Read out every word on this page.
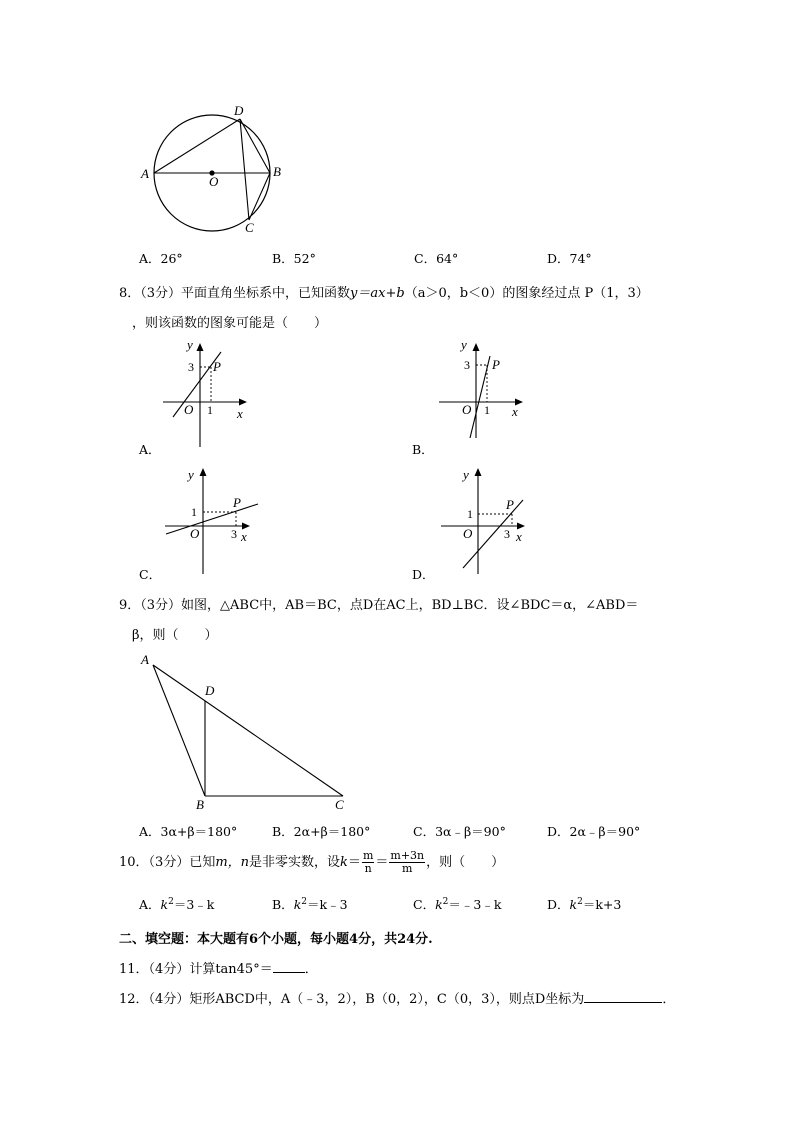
A	B
D
C
O
A．26°	B．52°	C．64°	D．74°
8．（3分）平面直角坐标系中，已知函数y＝ax+b（a＞0，b＜0）的图象经过点 P（1，3）
，则该函数的图象可能是（　　）
y
3 P
O 1 x
A．
y
3 P
O 1 x
B．
y
1
P
O	3 x
C．
y
1
P
O	3 x
D．
9．（3分）如图，△ABC中，AB＝BC，点D在AC上，BD⊥BC．设∠BDC＝α，∠ABD＝
β，则（　　）
A
D
B	C
A．3α+β＝180°	B．2α+β＝180°	C．3α﹣β＝90°	D．2α﹣β＝90°
10．（3分）已知m，n是非零实数，设$k= \frac{m}{n} = \frac{m+3n}{m}$ ，则（　　）
A．$k^2=3﹣k$	B．$k^2=k﹣3$	C．$k^2=﹣3﹣k$	D．$k^2=k+3$
二、填空题：本大题有6个小题，每小题4分，共24分.
11．（4分）计算tan45°＝ ．
12．（4分）矩形ABCD中，A（﹣3，2），B（0，2），C（0，3），则点D坐标为	．
